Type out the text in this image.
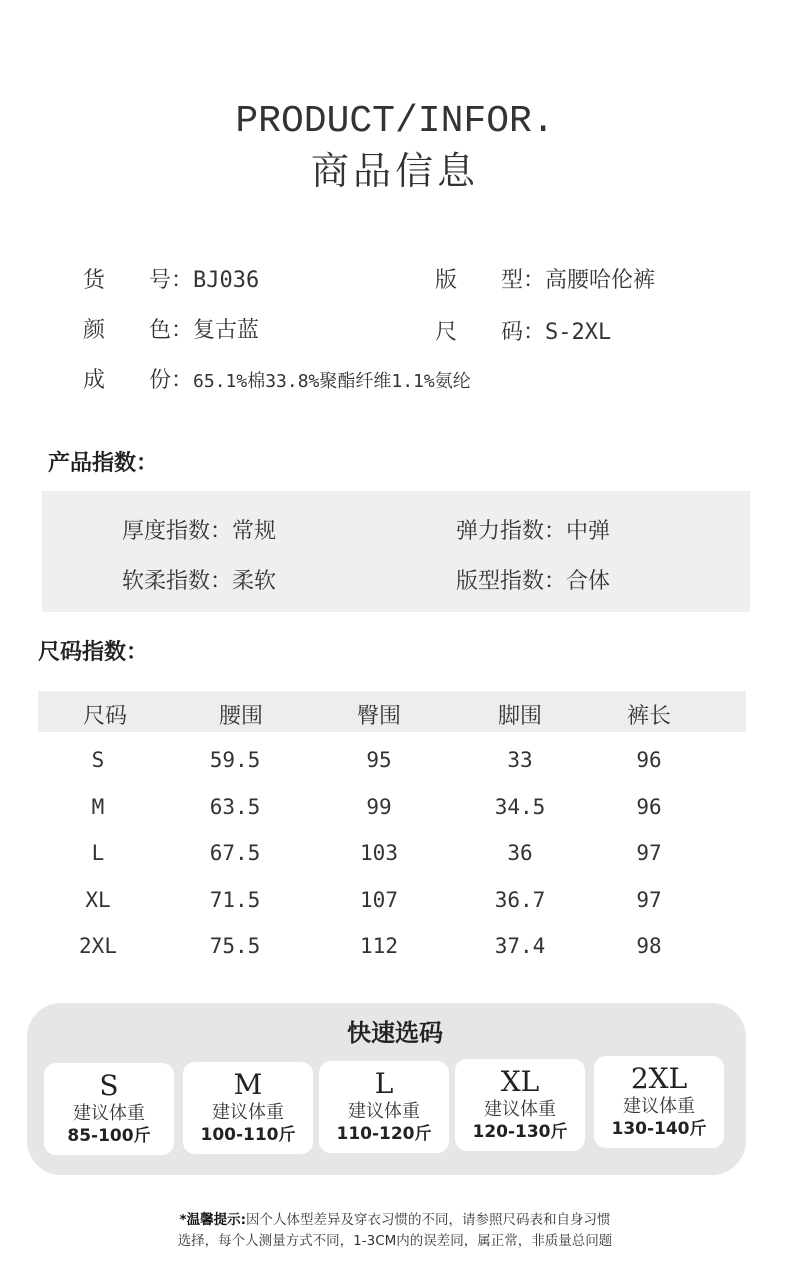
PRODUCT/INFOR.
商品信息
货　　号：BJ036	版　　型：高腰哈伦裤
颜　　色：复古蓝	尺　　码：S-2XL
成　　份：65.1%棉33.8%聚酯纤维1.1%氨纶
产品指数：
厚度指数：常规	弹力指数：中弹
软柔指数：柔软	版型指数：合体
尺码指数：
尺码	腰围	臀围	脚围	裤长
S	59.5	95	33	96
M	63.5	99	34.5	96
L	67.5	103	36	97
XL	71.5	107	36.7	97
2XL	75.5	112	37.4	98
快速选码
S
建议体重
85-100斤
M
建议体重
100-110斤
L
建议体重
110-120斤
XL
建议体重
120-130斤
2XL
建议体重
130-140斤
*温馨提示:因个人体型差异及穿衣习惯的不同，请参照尺码表和自身习惯
选择，每个人测量方式不同，1-3CM内的误差同，属正常，非质量总问题
